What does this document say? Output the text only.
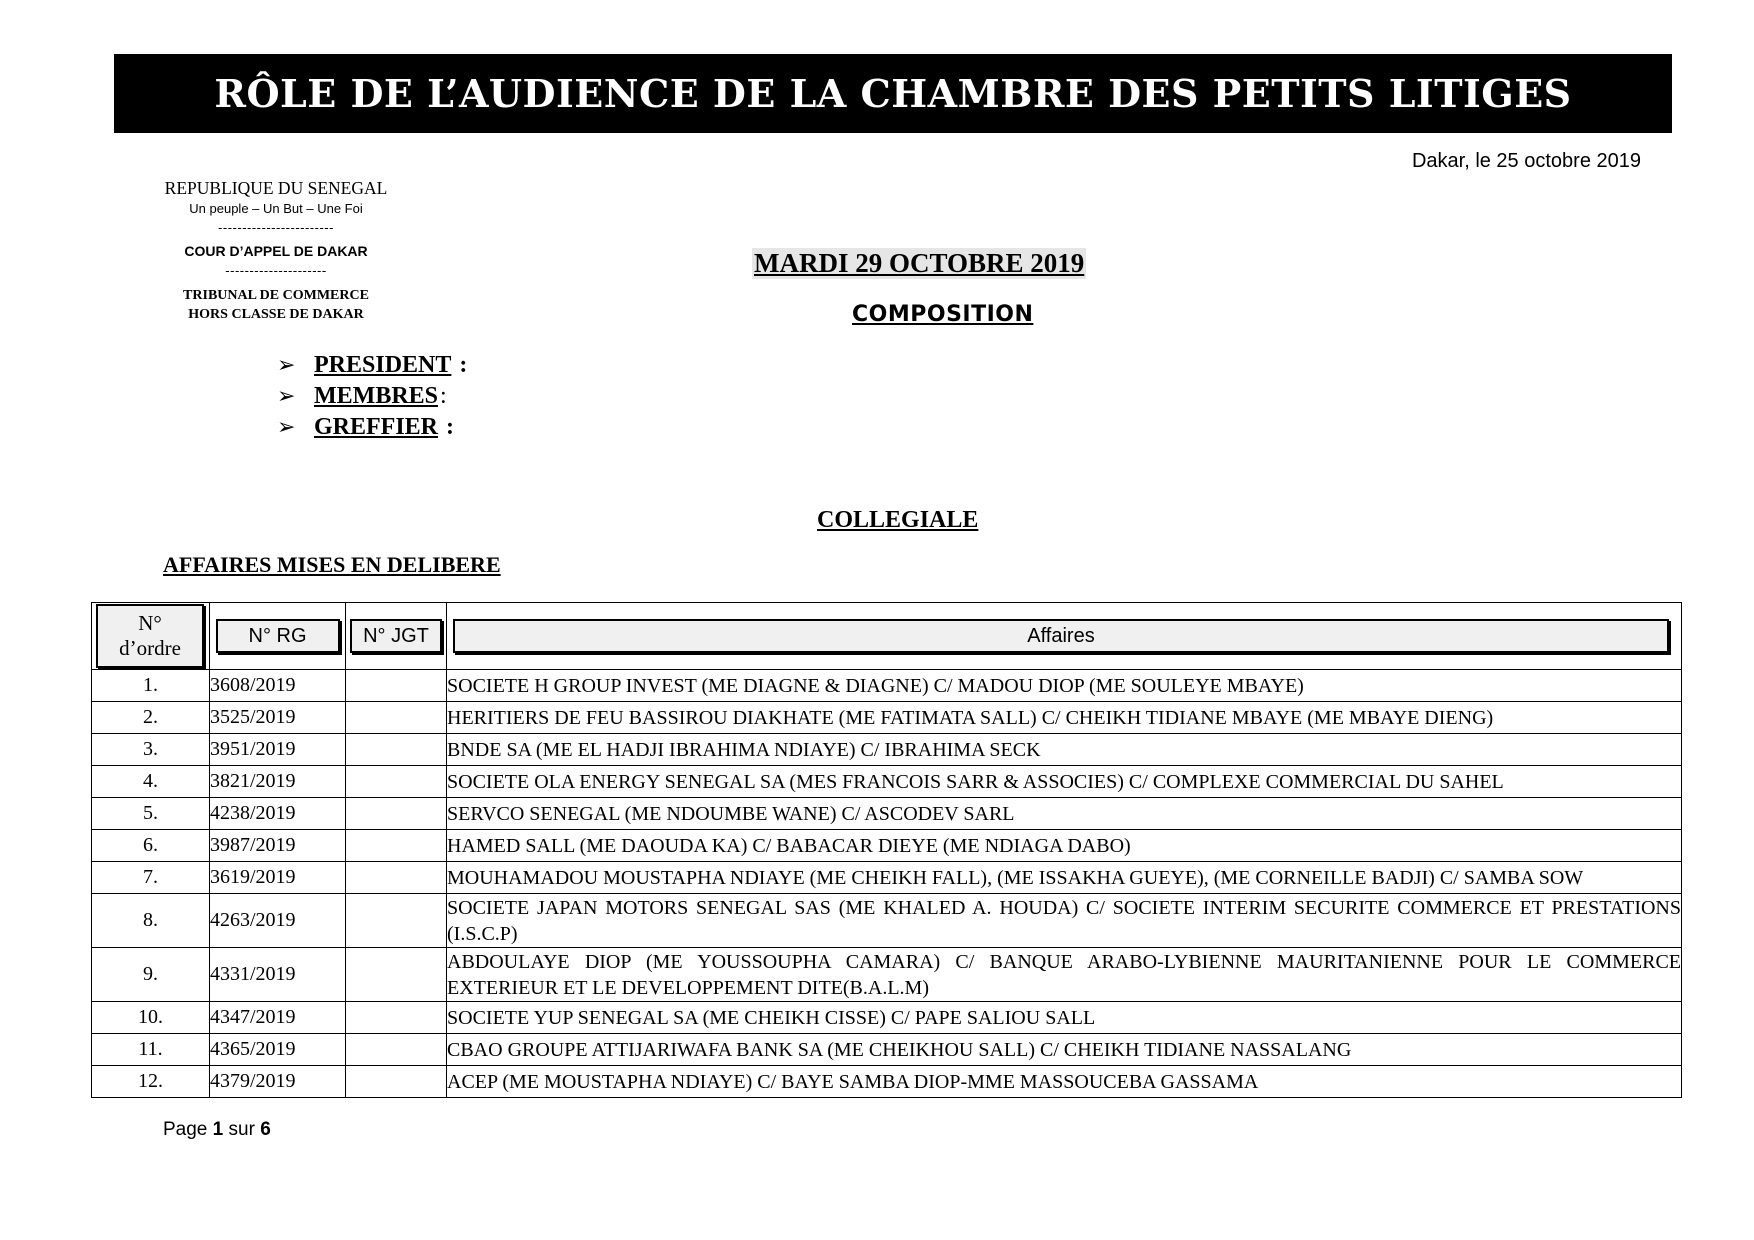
RÔLE DE L’AUDIENCE DE LA CHAMBRE DES PETITS LITIGES
Dakar, le 25 octobre 2019
REPUBLIQUE DU SENEGAL
Un peuple – Un But – Une Foi
------------------------
COUR D’APPEL DE DAKAR
---------------------
TRIBUNAL DE COMMERCE
HORS CLASSE DE DAKAR
MARDI 29 OCTOBRE 2019
COMPOSITION
➢ PRESIDENT :
➢ MEMBRES :
➢ GREFFIER :
COLLEGIALE
AFFAIRES MISES EN DELIBERE
N°
d’ordre	N° RG	N° JGT	Affaires

1.	3608/2019		SOCIETE H GROUP INVEST (ME DIAGNE & DIAGNE) C/ MADOU DIOP (ME SOULEYE MBAYE)
2.	3525/2019		HERITIERS DE FEU BASSIROU DIAKHATE (ME FATIMATA SALL) C/ CHEIKH TIDIANE MBAYE (ME MBAYE DIENG)
3.	3951/2019		BNDE SA (ME EL HADJI IBRAHIMA NDIAYE) C/ IBRAHIMA SECK
4.	3821/2019		SOCIETE OLA ENERGY SENEGAL SA (MES FRANCOIS SARR & ASSOCIES) C/ COMPLEXE COMMERCIAL DU SAHEL
5.	4238/2019		SERVCO SENEGAL (ME NDOUMBE WANE) C/ ASCODEV SARL
6.	3987/2019		HAMED SALL (ME DAOUDA KA) C/ BABACAR DIEYE (ME NDIAGA DABO)
7.	3619/2019		MOUHAMADOU MOUSTAPHA NDIAYE (ME CHEIKH FALL), (ME ISSAKHA GUEYE), (ME CORNEILLE BADJI) C/ SAMBA SOW
8.	4263/2019		SOCIETE JAPAN MOTORS SENEGAL SAS (ME KHALED A. HOUDA) C/ SOCIETE INTERIM SECURITE COMMERCE ET PRESTATIONS (I.S.C.P)
9.	4331/2019		ABDOULAYE DIOP (ME YOUSSOUPHA CAMARA) C/ BANQUE ARABO-LYBIENNE MAURITANIENNE POUR LE COMMERCE EXTERIEUR ET LE DEVELOPPEMENT DITE(B.A.L.M)
10.	4347/2019		SOCIETE YUP SENEGAL SA (ME CHEIKH CISSE) C/ PAPE SALIOU SALL
11.	4365/2019		CBAO GROUPE ATTIJARIWAFA BANK SA (ME CHEIKHOU SALL) C/ CHEIKH TIDIANE NASSALANG
12.	4379/2019		ACEP (ME MOUSTAPHA NDIAYE) C/ BAYE SAMBA DIOP-MME MASSOUCEBA GASSAMA
Page 1 sur 6
